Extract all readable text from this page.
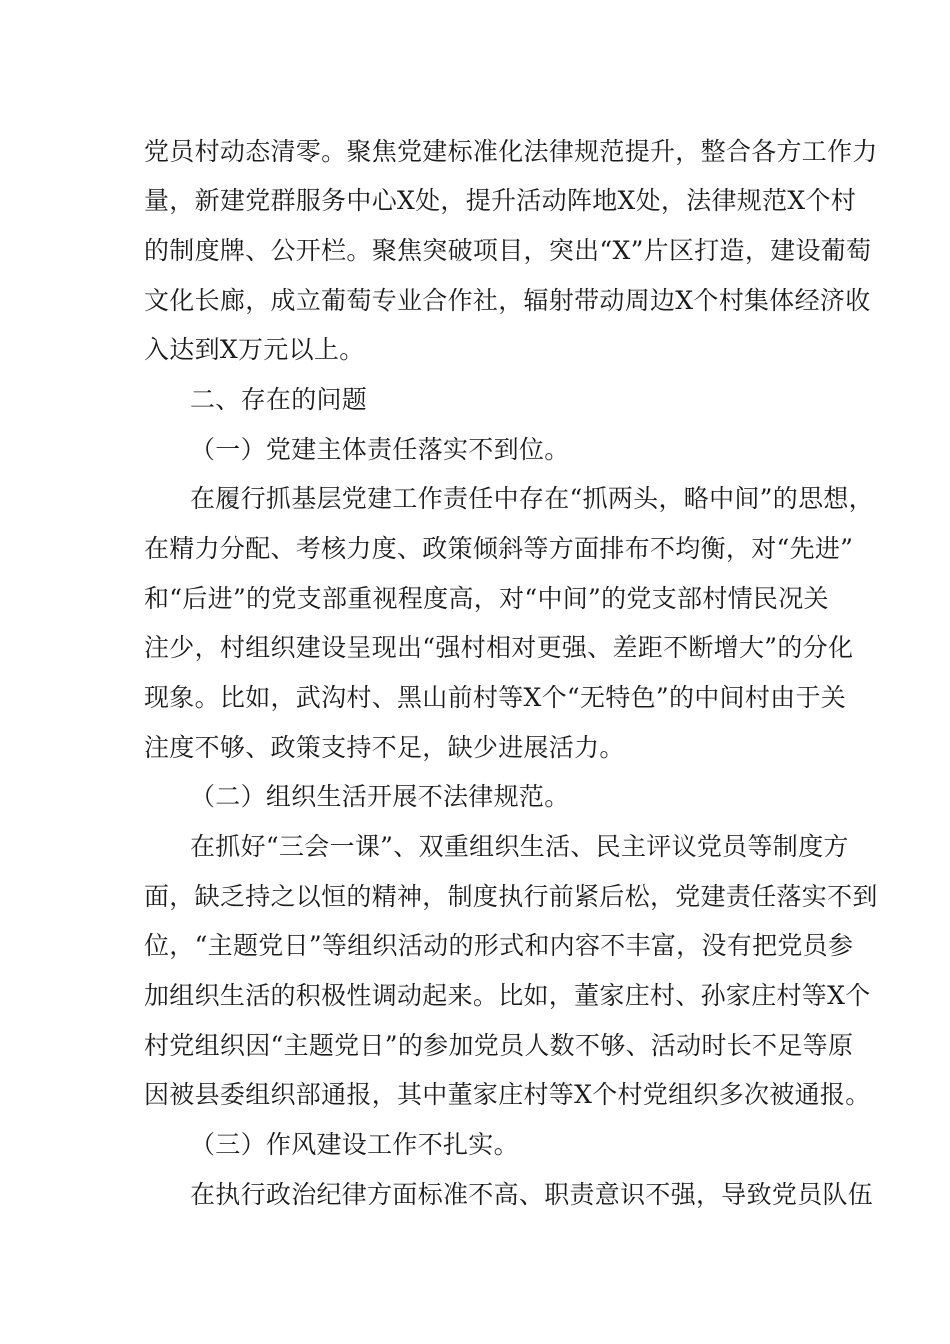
党员村动态清零。聚焦党建标准化法律规范提升，整合各方工作力
量，新建党群服务中心X处，提升活动阵地X处，法律规范X个村
的制度牌、公开栏。聚焦突破项目，突出“X”片区打造，建设葡萄
文化长廊，成立葡萄专业合作社，辐射带动周边X个村集体经济收
入达到X万元以上。
二、存在的问题
（一）党建主体责任落实不到位。
在履行抓基层党建工作责任中存在“抓两头，略中间”的思想，
在精力分配、考核力度、政策倾斜等方面排布不均衡，对“先进”
和“后进”的党支部重视程度高，对“中间”的党支部村情民况关
注少，村组织建设呈现出“强村相对更强、差距不断增大”的分化
现象。比如，武沟村、黑山前村等X个“无特色”的中间村由于关
注度不够、政策支持不足，缺少进展活力。
（二）组织生活开展不法律规范。
在抓好“三会一课”、双重组织生活、民主评议党员等制度方
面，缺乏持之以恒的精神，制度执行前紧后松，党建责任落实不到
位，“主题党日”等组织活动的形式和内容不丰富，没有把党员参
加组织生活的积极性调动起来。比如，董家庄村、孙家庄村等X个
村党组织因“主题党日”的参加党员人数不够、活动时长不足等原
因被县委组织部通报，其中董家庄村等X个村党组织多次被通报。
（三）作风建设工作不扎实。
在执行政治纪律方面标准不高、职责意识不强，导致党员队伍
